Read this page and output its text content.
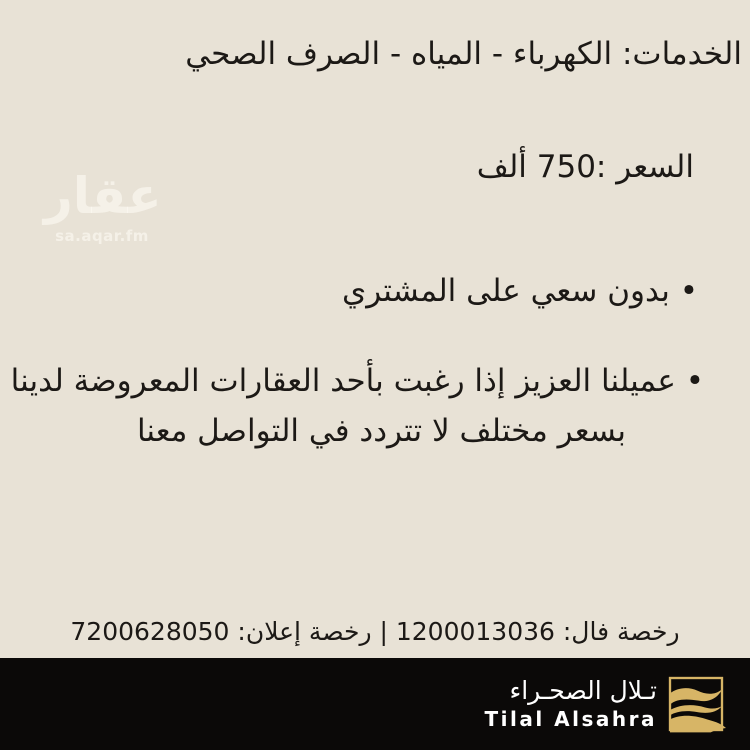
الخدمات: الكهرباء - المياه - الصرف الصحي
السعر :750 ألف
عقار
sa.aqar.fm
• بدون سعي على المشتري
• عميلنا العزيز إذا رغبت بأحد العقارات المعروضة لدينا
بسعر مختلف لا تتردد في التواصل معنا
رخصة فال: 1200013036 | رخصة إعلان: 7200628050
تـلال الصحـراء
Tilal Alsahra
